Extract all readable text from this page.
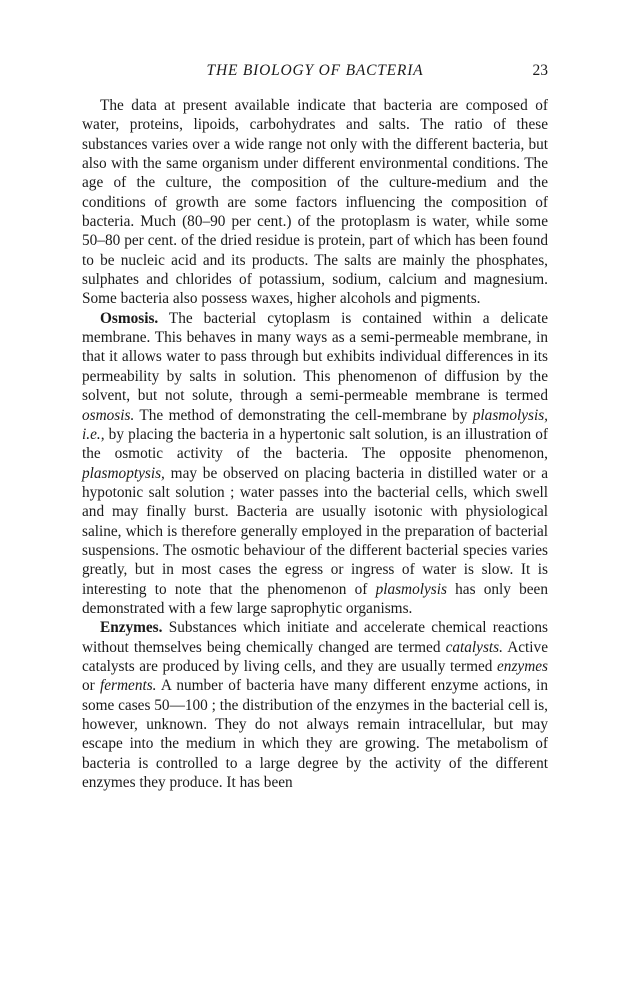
THE BIOLOGY OF BACTERIA	23

The data at present available indicate that bacteria are composed of water, proteins, lipoids, carbohydrates and salts. The ratio of these substances varies over a wide range not only with the different bacteria, but also with the same organism under different environmental conditions. The age of the culture, the composition of the culture-medium and the conditions of growth are some factors influencing the composition of bacteria. Much (80–90 per cent.) of the protoplasm is water, while some 50–80 per cent. of the dried residue is protein, part of which has been found to be nucleic acid and its products. The salts are mainly the phosphates, sulphates and chlorides of potassium, sodium, calcium and magnesium. Some bacteria also possess waxes, higher alcohols and pigments.

Osmosis. The bacterial cytoplasm is contained within a delicate membrane. This behaves in many ways as a semi-permeable membrane, in that it allows water to pass through but exhibits individual differences in its permeability by salts in solution. This phenomenon of diffusion by the solvent, but not solute, through a semi-permeable membrane is termed osmosis. The method of demonstrating the cell-membrane by plasmolysis, i.e., by placing the bacteria in a hypertonic salt solution, is an illustration of the osmotic activity of the bacteria. The opposite phenomenon, plasmoptysis, may be observed on placing bacteria in distilled water or a hypotonic salt solution ; water passes into the bacterial cells, which swell and may finally burst. Bacteria are usually isotonic with physiological saline, which is therefore generally employed in the preparation of bacterial suspensions. The osmotic behaviour of the different bacterial species varies greatly, but in most cases the egress or ingress of water is slow. It is interesting to note that the phenomenon of plasmolysis has only been demonstrated with a few large saprophytic organisms.

Enzymes. Substances which initiate and accelerate chemical reactions without themselves being chemically changed are termed catalysts. Active catalysts are produced by living cells, and they are usually termed enzymes or ferments. A number of bacteria have many different enzyme actions, in some cases 50—100 ; the distribution of the enzymes in the bacterial cell is, however, unknown. They do not always remain intracellular, but may escape into the medium in which they are growing. The metabolism of bacteria is controlled to a large degree by the activity of the different enzymes they produce. It has been
